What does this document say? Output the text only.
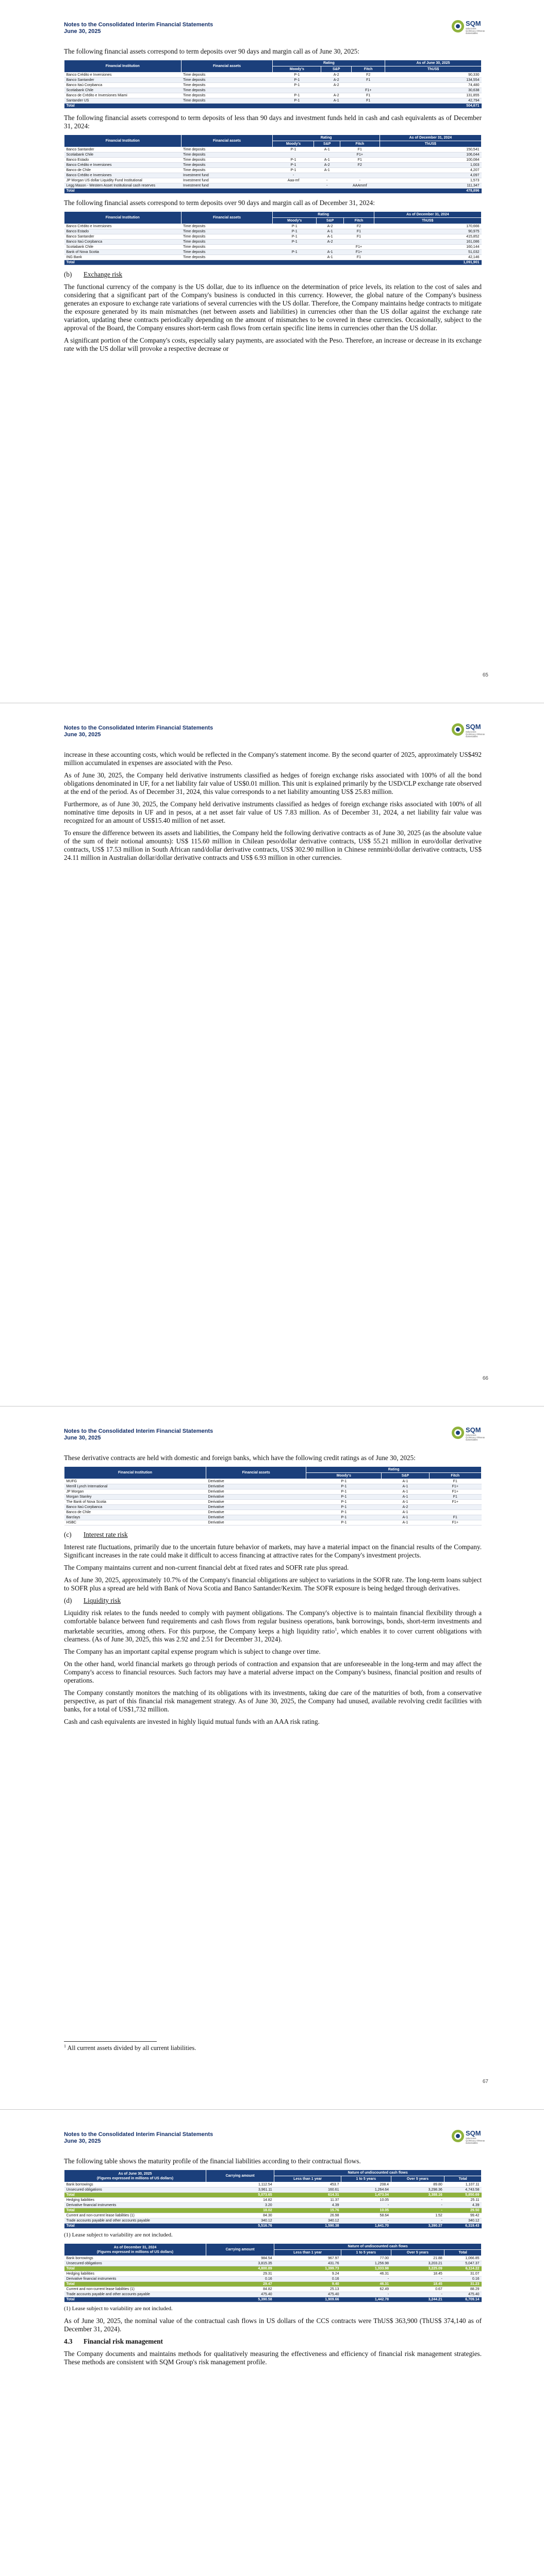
Notes to the Consolidated Interim Financial Statements
June 30, 2025
SQM
Soluciones
Químicas y Mineras
sustentables

The following financial assets correspond to term deposits over 90 days and margin call as of June 30, 2025:

Financial Institution	Financial assets	Rating			As of June 30, 2025
		Moody's	S&P	Fitch	ThUS$
Banco Crédito e Inversiones	Time deposits	P-1	A-2	F2	90,330
Banco Santander	Time deposits	P-1	A-2	F1	134,554
Banco Itaú Corpbanca	Time deposits	P-1	A-2		74,480
Scotiabank Chile	Time deposits			F1+	30,638
Banco de Crédito e Inversiones Miami	Time deposits	P-1	A-2	F1	131,855
Santander US	Time deposits	P-1	A-1	F1	42,794
Total					504,671

The following financial assets correspond to term deposits of less than 90 days and investment funds held in cash and cash equivalents as of December 31, 2024:

Financial Institution	Financial assets	Rating			As of December 31, 2024
		Moody's	S&P	Fitch	ThUS$
Banco Santander	Time deposits	P-1	A-1	F1	150,541
Scotiabank Chile	Time deposits			F1+	106,044
Banco Estado	Time deposits	P-1	A-1	F1	100,084
Banco Crédito e Inversiones	Time deposits	P-1	A-2	F2	1,003
Banco de Chile	Time deposits	P-1	A-1		4,207
Banco Crédito e Inversiones	Investment fund	-			4,097
JP Morgan US dollar Liquidity Fund Institutional	Investment fund	Aaa-mf	-	-	1,573
Legg Mason - Western Asset Institutional cash reserves	Investment fund		-	AAAmmf	111,347
Total					478,896

The following financial assets correspond to term deposits over 90 days and margin call as of December 31, 2024:

Financial Institution	Financial assets	Rating			As of December 31, 2024
		Moody's	S&P	Fitch	ThUS$
Banco Crédito e Inversiones	Time deposits	P-1	A-2	F2	170,666
Banco Estado	Time deposits	P-1	A-1	F1	90,975
Banco Santander	Time deposits	P-1	A-1	F1	415,852
Banco Itaú Corpbanca	Time deposits	P-1	A-2		161,086
Scotiabank Chile	Time deposits			F1+	160,144
Bank of Nova Scotia	Time deposits	P-1	A-1	F1+	51,032
ING Bank	Time deposits		A-1	F1	42,146
Total					1,091,901
(b) Exchange risk

The functional currency of the company is the US dollar, due to its influence on the determination of price levels, its relation to the cost of sales and considering that a significant part of the Company's business is conducted in this currency. However, the global nature of the Company's business generates an exposure to exchange rate variations of several currencies with the US dollar. Therefore, the Company maintains hedge contracts to mitigate the exposure generated by its main mismatches (net between assets and liabilities) in currencies other than the US dollar against the exchange rate variation, updating these contracts periodically depending on the amount of mismatches to be covered in these currencies. Occasionally, subject to the approval of the Board, the Company ensures short-term cash flows from certain specific line items in currencies other than the US dollar.

A significant portion of the Company's costs, especially salary payments, are associated with the Peso. Therefore, an increase or decrease in its exchange rate with the US dollar will provoke a respective decrease or

65
Notes to the Consolidated Interim Financial Statements
June 30, 2025
SQM
Soluciones
Químicas y Mineras
sustentables

increase in these accounting costs, which would be reflected in the Company's statement income. By the second quarter of 2025, approximately US$492 million accumulated in expenses are associated with the Peso.

As of June 30, 2025, the Company held derivative instruments classified as hedges of foreign exchange risks associated with 100% of all the bond obligations denominated in UF, for a net liability fair value of US$0.01 million. This unit is explained primarily by the USD/CLP exchange rate observed at the end of the period. As of December 31, 2024, this value corresponds to a net liability amounting US$ 25.83 million.

Furthermore, as of June 30, 2025, the Company held derivative instruments classified as hedges of foreign exchange risks associated with 100% of all nominative time deposits in UF and in pesos, at a net asset fair value of US 7.83 million. As of December 31, 2024, a net liability fair value was recognized for an amount of US$15.40 million of net asset.

To ensure the difference between its assets and liabilities, the Company held the following derivative contracts as of June 30, 2025 (as the absolute value of the sum of their notional amounts): US$ 115.60 million in Chilean peso/dollar derivative contracts, US$ 55.21 million in euro/dollar derivative contracts, US$ 17.53 million in South African rand/dollar derivative contracts, US$ 302.90 million in Chinese renminbi/dollar derivative contracts, US$ 24.11 million in Australian dollar/dollar derivative contracts and US$ 6.93 million in other currencies.

66
Notes to the Consolidated Interim Financial Statements
June 30, 2025
SQM
Soluciones
Químicas y Mineras
sustentables

These derivative contracts are held with domestic and foreign banks, which have the following credit ratings as of June 30, 2025:

Financial Institution	Financial assets	Rating		
		Moody's	S&P	Fitch
MUFG	Derivative	P-1	A-1	F1
Merrill Lynch International	Derivative	P-1	A-1	F1+
JP Morgan	Derivative	P-1	A-1	F1+
Morgan Stanley	Derivative	P-1	A-1	F1
The Bank of Nova Scotia	Derivative	P-1	A-1	F1+
Banco Itaú Corpbanca	Derivative	P-1	A-2	
Banco de Chile	Derivative	P-1	A-1	
Barclays	Derivative	P-1	A-1	F1
HSBC	Derivative	P-1	A-1	F1+
(c) Interest rate risk

Interest rate fluctuations, primarily due to the uncertain future behavior of markets, may have a material impact on the financial results of the Company. Significant increases in the rate could make it difficult to access financing at attractive rates for the Company's investment projects.

The Company maintains current and non-current financial debt at fixed rates and SOFR rate plus spread.

As of June 30, 2025, approximately 10.7% of the Company's financial obligations are subject to variations in the SOFR rate. The long-term loans subject to SOFR plus a spread are held with Bank of Nova Scotia and Banco Santander/Kexim. The SOFR exposure is being hedged through derivatives.

(d) Liquidity risk

Liquidity risk relates to the funds needed to comply with payment obligations. The Company's objective is to maintain financial flexibility through a comfortable balance between fund requirements and cash flows from regular business operations, bank borrowings, bonds, short-term investments and marketable securities, among others. For this purpose, the Company keeps a high liquidity ratio$^1$, which enables it to cover current obligations with clearness. (As of June 30, 2025, this was 2.92 and 2.51 for December 31, 2024).

The Company has an important capital expense program which is subject to change over time.

On the other hand, world financial markets go through periods of contraction and expansion that are unforeseeable in the long-term and may affect the Company's access to financial resources. Such factors may have a material adverse impact on the Company's business, financial position and results of operations.

The Company constantly monitors the matching of its obligations with its investments, taking due care of the maturities of both, from a conservative perspective, as part of this financial risk management strategy. As of June 30, 2025, the Company had unused, available revolving credit facilities with banks, for a total of US$1,732 million.

Cash and cash equivalents are invested in highly liquid mutual funds with an AAA risk rating.

$^1$ All current assets divided by all current liabilities.

67
Notes to the Consolidated Interim Financial Statements
June 30, 2025
SQM
Soluciones
Químicas y Mineras
sustentables

The following table shows the maturity profile of the financial liabilities according to their contractual flows.

As of June 30, 2025
(Figures expressed in millions of US dollars)	Carrying amount	Nature of undiscounted cash flows			
		Less than 1 year	1 to 5 years	Over 5 years	Total
Bank borrowings	1,112.54	453.7	208.4	89.80	1,107.11
Unsecured obligations	3,961.11	160.61	1,264.64	3,298.36	4,743.58
Total	5,073.65	614.31	1,473.04	3,388.16	5,850.69
Hedging liabilities	14.82	11.37	10.05	-	25.11
Derivative financial instruments	3.20	4.39	-	-	4.39
Total	18.02	15.76	10.05	-	29.50
Current and non-current lease liabilities (1)	84.30	26.98	58.64	1.52	99.42
Trade accounts payable and other accounts payable	340.12	340.12	-	-	340.12
Total	5,516.76	1,590.38	1,641.70	3,390.37	6,319.43

(1) Lease subject to variability are not included.

As of December 31, 2024
(Figures expressed in millions of US dollars)	Carrying amount	Nature of undiscounted cash flows			
		Less than 1 year	1 to 5 years	Over 5 years	Total
Bank borrowings	984.54	967.97	77.00	21.88	1,066.85
Unsecured obligations	3,815.35	431.76	1,256.98	3,203.21	5,047.37
Total	4,800.89	1,399.73	1,333.98	3,225.09	6,114.22
Hedging liabilities	29.31	9.24	46.31	18.45	31.07
Derivative financial instruments	0.16	0.16	-	-	0.16
Total	29.47	9.40	46.31	18.45	31.23
Current and non-current lease liabilities (1)	84.82	25.13	62.49	0.67	88.29
Trade accounts payable and other accounts payable	475.40	475.40	-	-	475.40
Total	5,390.58	1,909.66	1,442.78	3,244.21	6,709.14

(1) Lease subject to variability are not included.

As of June 30, 2025, the nominal value of the contractual cash flows in US dollars of the CCS contracts were ThUS$ 363,900 (ThUS$ 374,140 as of December 31, 2024).

4.3 Financial risk management

The Company documents and maintains methods for qualitatively measuring the effectiveness and efficiency of financial risk management strategies. These methods are consistent with SQM Group's risk management profile.
